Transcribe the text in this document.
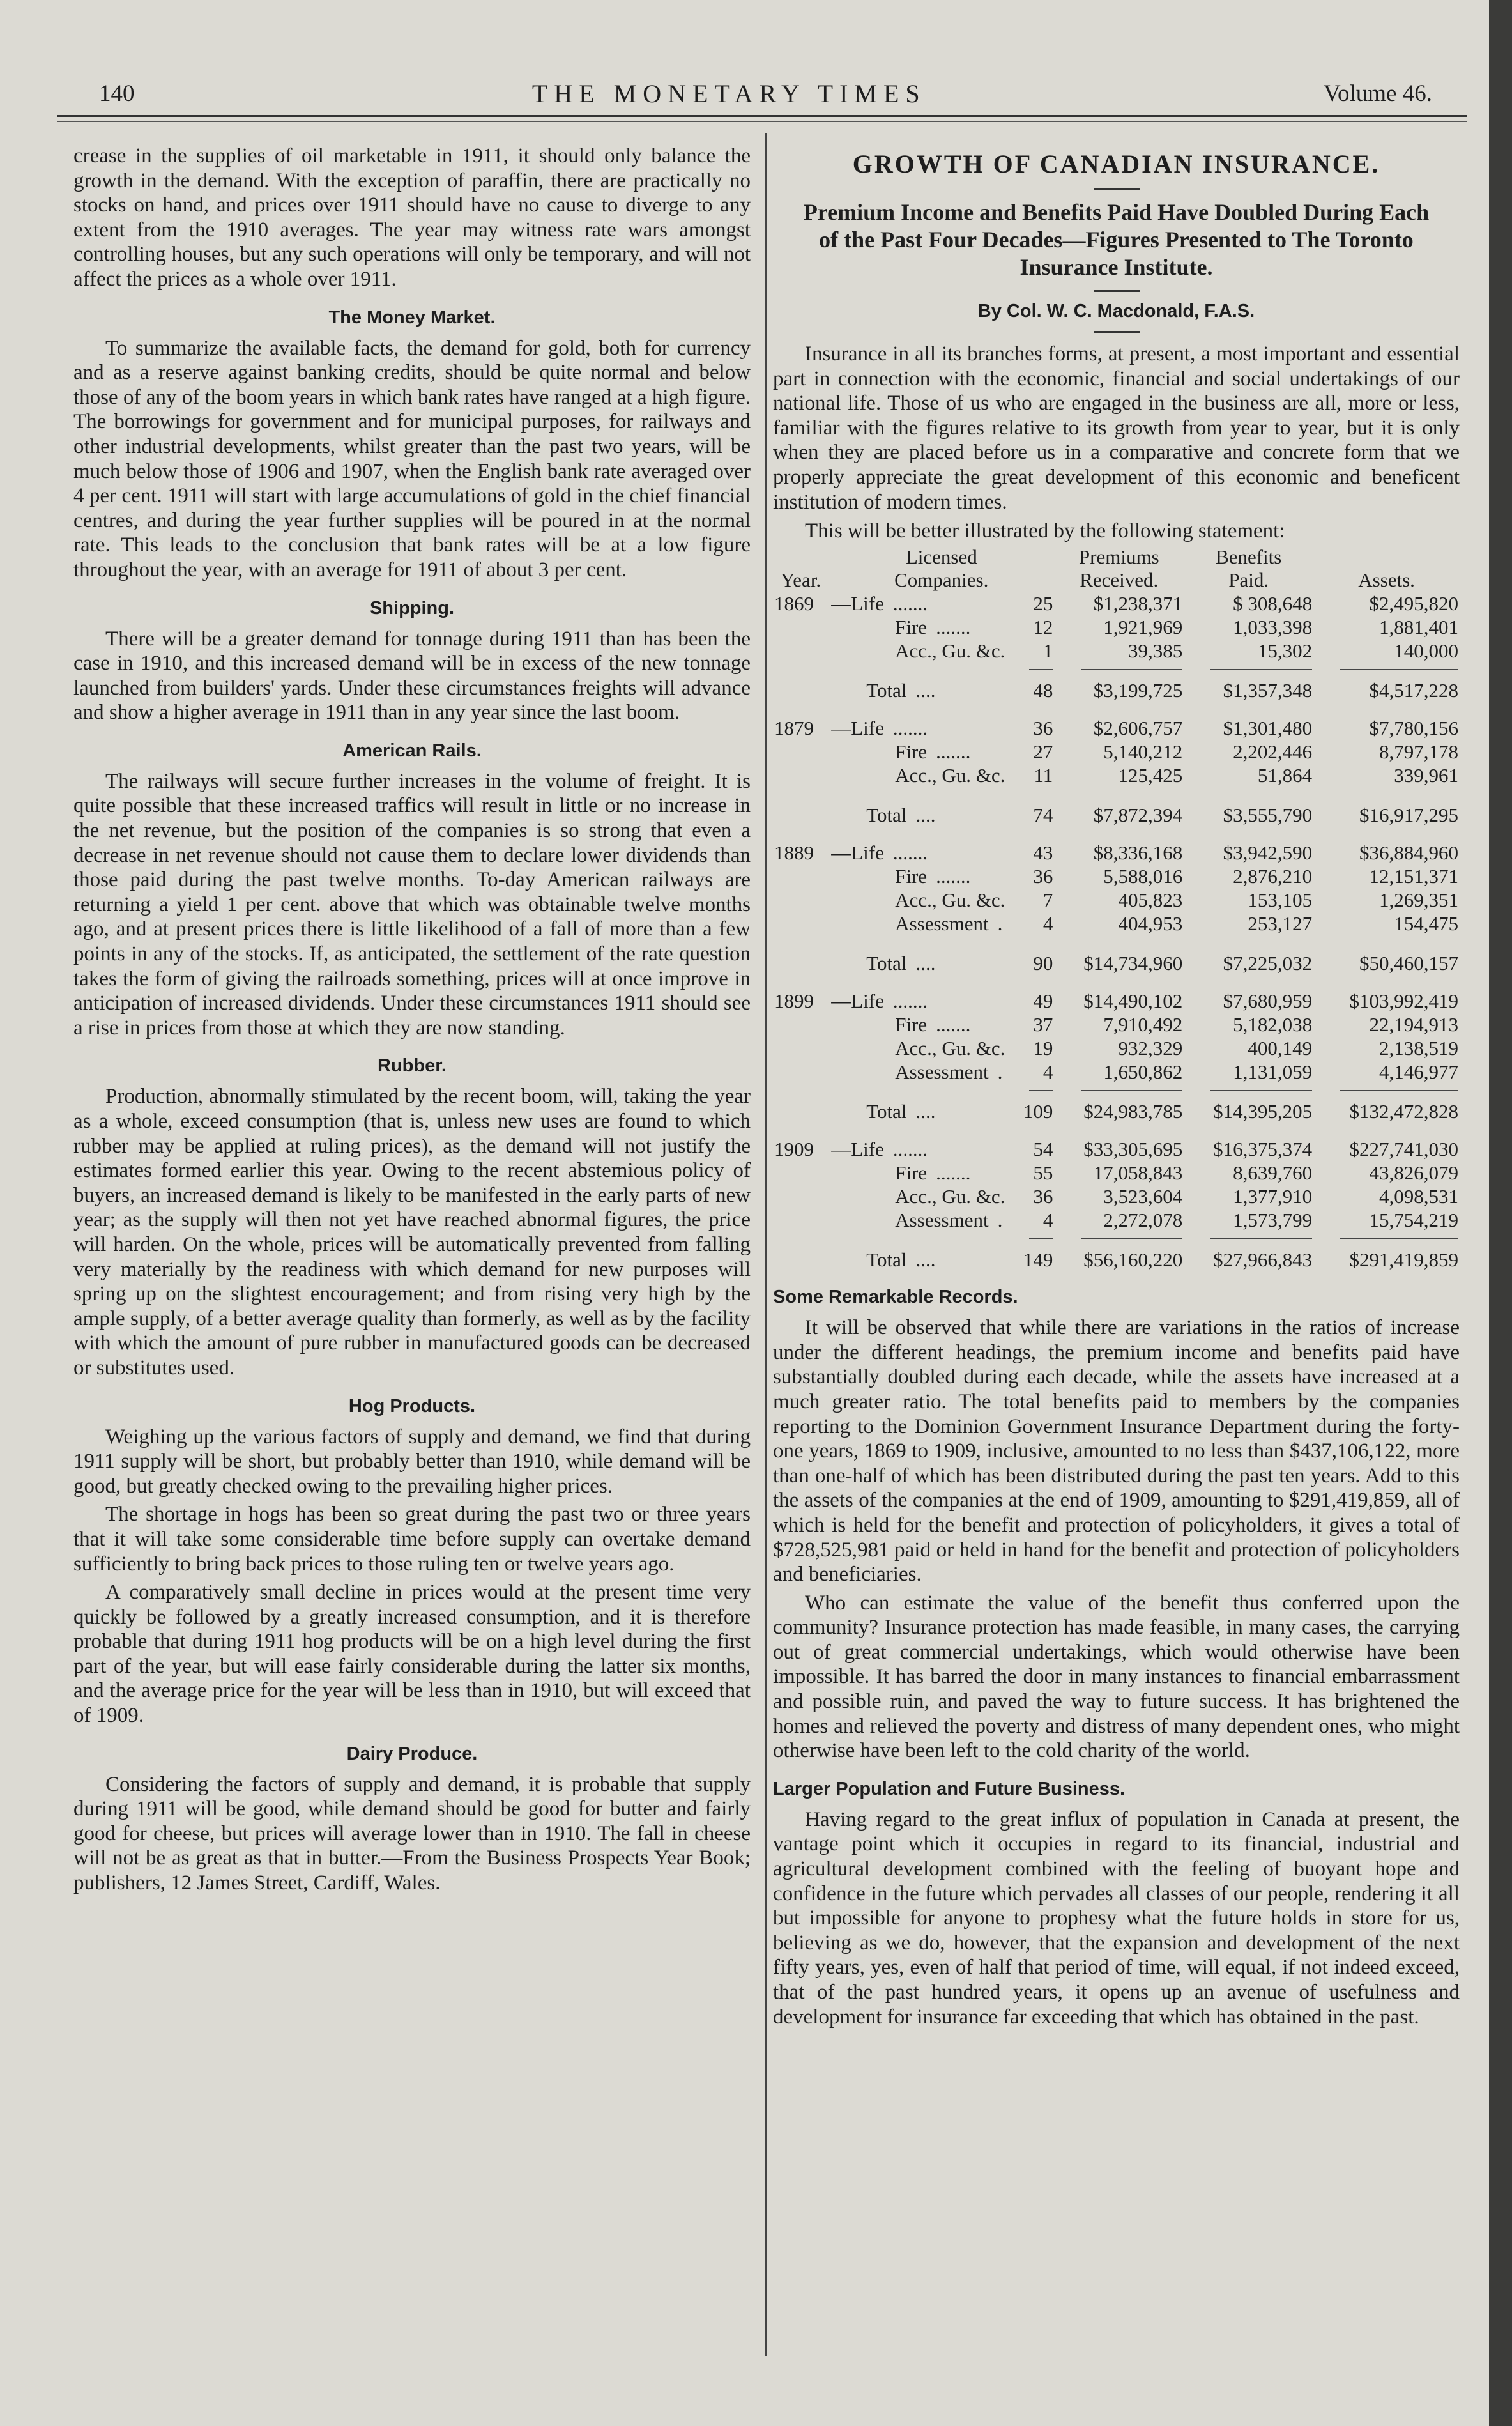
140	THE MONETARY TIMES	Volume 46.

crease in the supplies of oil marketable in 1911, it should only balance the growth in the demand. With the exception of paraffin, there are practically no stocks on hand, and prices over 1911 should have no cause to diverge to any extent from the 1910 averages. The year may witness rate wars amongst controlling houses, but any such operations will only be temporary, and will not affect the prices as a whole over 1911.

The Money Market.

To summarize the available facts, the demand for gold, both for currency and as a reserve against banking credits, should be quite normal and below those of any of the boom years in which bank rates have ranged at a high figure. The borrowings for government and for municipal purposes, for railways and other industrial developments, whilst greater than the past two years, will be much below those of 1906 and 1907, when the English bank rate averaged over 4 per cent. 1911 will start with large accumulations of gold in the chief financial centres, and during the year further supplies will be poured in at the normal rate. This leads to the conclusion that bank rates will be at a low figure throughout the year, with an average for 1911 of about 3 per cent.

Shipping.

There will be a greater demand for tonnage during 1911 than has been the case in 1910, and this increased demand will be in excess of the new tonnage launched from builders' yards. Under these circumstances freights will advance and show a higher average in 1911 than in any year since the last boom.

American Rails.

The railways will secure further increases in the volume of freight. It is quite possible that these increased traffics will result in little or no increase in the net revenue, but the position of the companies is so strong that even a decrease in net revenue should not cause them to declare lower dividends than those paid during the past twelve months. To-day American railways are returning a yield 1 per cent. above that which was obtainable twelve months ago, and at present prices there is little likelihood of a fall of more than a few points in any of the stocks. If, as anticipated, the settlement of the rate question takes the form of giving the railroads something, prices will at once improve in anticipation of increased dividends. Under these circumstances 1911 should see a rise in prices from those at which they are now standing.

Rubber.

Production, abnormally stimulated by the recent boom, will, taking the year as a whole, exceed consumption (that is, unless new uses are found to which rubber may be applied at ruling prices), as the demand will not justify the estimates formed earlier this year. Owing to the recent abstemious policy of buyers, an increased demand is likely to be manifested in the early parts of new year; as the supply will then not yet have reached abnormal figures, the price will harden. On the whole, prices will be automatically prevented from falling very materially by the readiness with which demand for new purposes will spring up on the slightest encouragement; and from rising very high by the ample supply, of a better average quality than formerly, as well as by the facility with which the amount of pure rubber in manufactured goods can be decreased or substitutes used.

Hog Products.

Weighing up the various factors of supply and demand, we find that during 1911 supply will be short, but probably better than 1910, while demand will be good, but greatly checked owing to the prevailing higher prices.

The shortage in hogs has been so great during the past two or three years that it will take some considerable time before supply can overtake demand sufficiently to bring back prices to those ruling ten or twelve years ago.

A comparatively small decline in prices would at the present time very quickly be followed by a greatly increased consumption, and it is therefore probable that during 1911 hog products will be on a high level during the first part of the year, but will ease fairly considerable during the latter six months, and the average price for the year will be less than in 1910, but will exceed that of 1909.

Dairy Produce.

Considering the factors of supply and demand, it is probable that supply during 1911 will be good, while demand should be good for butter and fairly good for cheese, but prices will average lower than in 1910. The fall in cheese will not be as great as that in butter.—From the Business Prospects Year Book; publishers, 12 James Street, Cardiff, Wales.

GROWTH OF CANADIAN INSURANCE.
Premium Income and Benefits Paid Have Doubled During Each of the Past Four Decades—Figures Presented to The Toronto Insurance Institute.
By Col. W. C. Macdonald, F.A.S.

Insurance in all its branches forms, at present, a most important and essential part in connection with the economic, financial and social undertakings of our national life. Those of us who are engaged in the business are all, more or less, familiar with the figures relative to its growth from year to year, but it is only when they are placed before us in a comparative and concrete form that we properly appreciate the great development of this economic and beneficent institution of modern times.

This will be better illustrated by the following statement:
	Licensed		Premiums	Benefits	
Year.	Companies.		Received.	Paid.	Assets.
1869	—Life .......	25	$1,238,371	$ 308,648	$2,495,820
	Fire .......	12	1,921,969	1,033,398	1,881,401
	Acc., Gu. &c.	1	39,385	15,302	140,000

	Total ....	48	$3,199,725	$1,357,348	$4,517,228

1879	—Life .......	36	$2,606,757	$1,301,480	$7,780,156
	Fire .......	27	5,140,212	2,202,446	8,797,178
	Acc., Gu. &c.	11	125,425	51,864	339,961

	Total ....	74	$7,872,394	$3,555,790	$16,917,295

1889	—Life .......	43	$8,336,168	$3,942,590	$36,884,960
	Fire .......	36	5,588,016	2,876,210	12,151,371
	Acc., Gu. &c.	7	405,823	153,105	1,269,351
	Assessment .	4	404,953	253,127	154,475

	Total ....	90	$14,734,960	$7,225,032	$50,460,157

1899	—Life .......	49	$14,490,102	$7,680,959	$103,992,419
	Fire .......	37	7,910,492	5,182,038	22,194,913
	Acc., Gu. &c.	19	932,329	400,149	2,138,519
	Assessment .	4	1,650,862	1,131,059	4,146,977

	Total ....	109	$24,983,785	$14,395,205	$132,472,828

1909	—Life .......	54	$33,305,695	$16,375,374	$227,741,030
	Fire .......	55	17,058,843	8,639,760	43,826,079
	Acc., Gu. &c.	36	3,523,604	1,377,910	4,098,531
	Assessment .	4	2,272,078	1,573,799	15,754,219

	Total ....	149	$56,160,220	$27,966,843	$291,419,859
Some Remarkable Records.

It will be observed that while there are variations in the ratios of increase under the different headings, the premium income and benefits paid have substantially doubled during each decade, while the assets have increased at a much greater ratio. The total benefits paid to members by the companies reporting to the Dominion Government Insurance Department during the forty-one years, 1869 to 1909, inclusive, amounted to no less than $437,106,122, more than one-half of which has been distributed during the past ten years. Add to this the assets of the companies at the end of 1909, amounting to $291,419,859, all of which is held for the benefit and protection of policyholders, it gives a total of $728,525,981 paid or held in hand for the benefit and protection of policyholders and beneficiaries.

Who can estimate the value of the benefit thus conferred upon the community? Insurance protection has made feasible, in many cases, the carrying out of great commercial undertakings, which would otherwise have been impossible. It has barred the door in many instances to financial embarrassment and possible ruin, and paved the way to future success. It has brightened the homes and relieved the poverty and distress of many dependent ones, who might otherwise have been left to the cold charity of the world.

Larger Population and Future Business.

Having regard to the great influx of population in Canada at present, the vantage point which it occupies in regard to its financial, industrial and agricultural development combined with the feeling of buoyant hope and confidence in the future which pervades all classes of our people, rendering it all but impossible for anyone to prophesy what the future holds in store for us, believing as we do, however, that the expansion and development of the next fifty years, yes, even of half that period of time, will equal, if not indeed exceed, that of the past hundred years, it opens up an avenue of usefulness and development for insurance far exceeding that which has obtained in the past.
